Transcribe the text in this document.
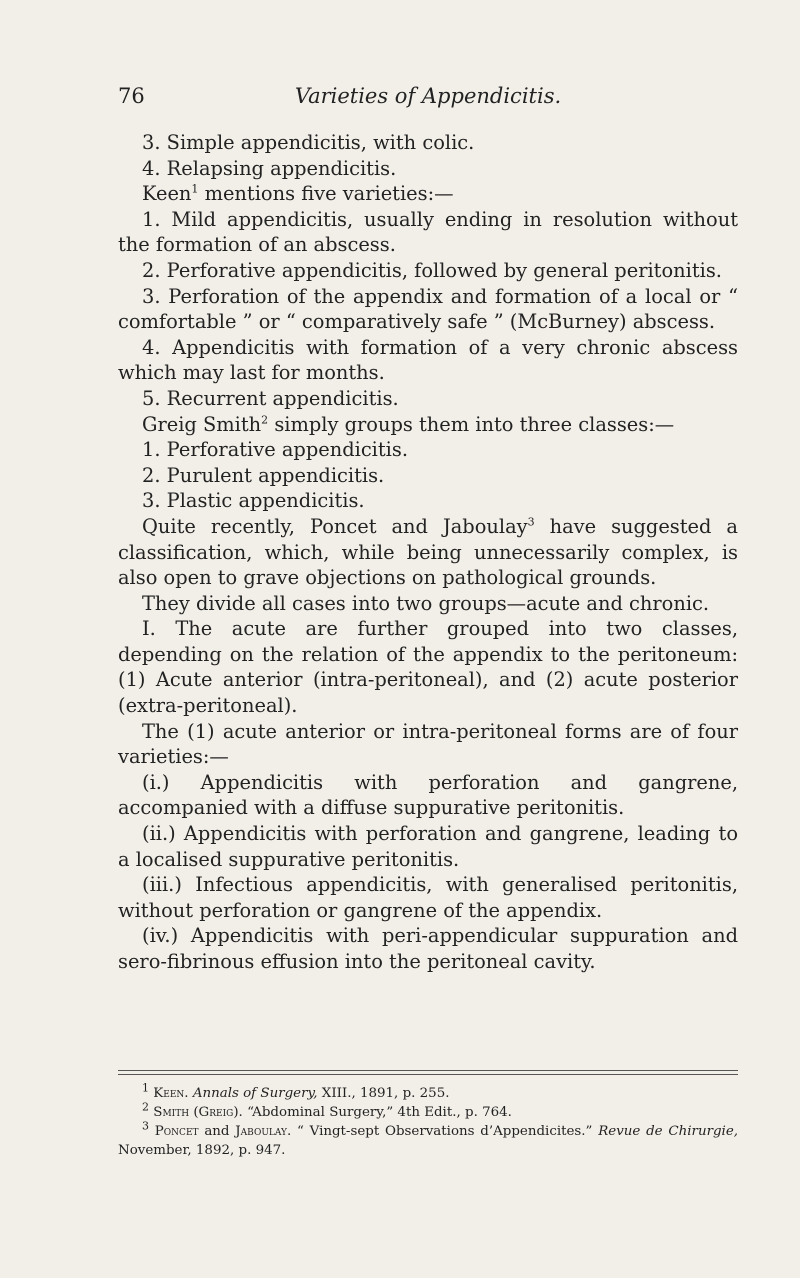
76	Varieties of Appendicitis.

3. Simple appendicitis, with colic.

4. Relapsing appendicitis.

Keen$^1$ mentions five varieties:—

1. Mild appendicitis, usually ending in resolution without the formation of an abscess.

2. Perforative appendicitis, followed by general peritonitis.

3. Perforation of the appendix and formation of a local or “ comfortable ” or “ comparatively safe ” (McBurney) abscess.

4. Appendicitis with formation of a very chronic abscess which may last for months.

5. Recurrent appendicitis.

Greig Smith$^2$ simply groups them into three classes:—

1. Perforative appendicitis.

2. Purulent appendicitis.

3. Plastic appendicitis.

Quite recently, Poncet and Jaboulay$^3$ have suggested a classification, which, while being unnecessarily complex, is also open to grave objections on pathological grounds.

They divide all cases into two groups—acute and chronic.

I. The acute are further grouped into two classes, depending on the relation of the appendix to the peritoneum: (1) Acute anterior (intra-peritoneal), and (2) acute posterior (extra-peritoneal).

The (1) acute anterior or intra-peritoneal forms are of four varieties:—

(i.) Appendicitis with perforation and gangrene, accompanied with a diffuse suppurative peritonitis.

(ii.) Appendicitis with perforation and gangrene, leading to a localised suppurative peritonitis.

(iii.) Infectious appendicitis, with generalised peritonitis, without perforation or gangrene of the appendix.

(iv.) Appendicitis with peri-appendicular suppuration and sero-fibrinous effusion into the peritoneal cavity.

$^1$ Keen. Annals of Surgery, XIII., 1891, p. 255.

$^2$ Smith (Greig). “Abdominal Surgery,” 4th Edit., p. 764.

$^3$ Poncet and Jaboulay. “ Vingt-sept Observations d’Appendicites.” Revue de Chirurgie, November, 1892, p. 947.
